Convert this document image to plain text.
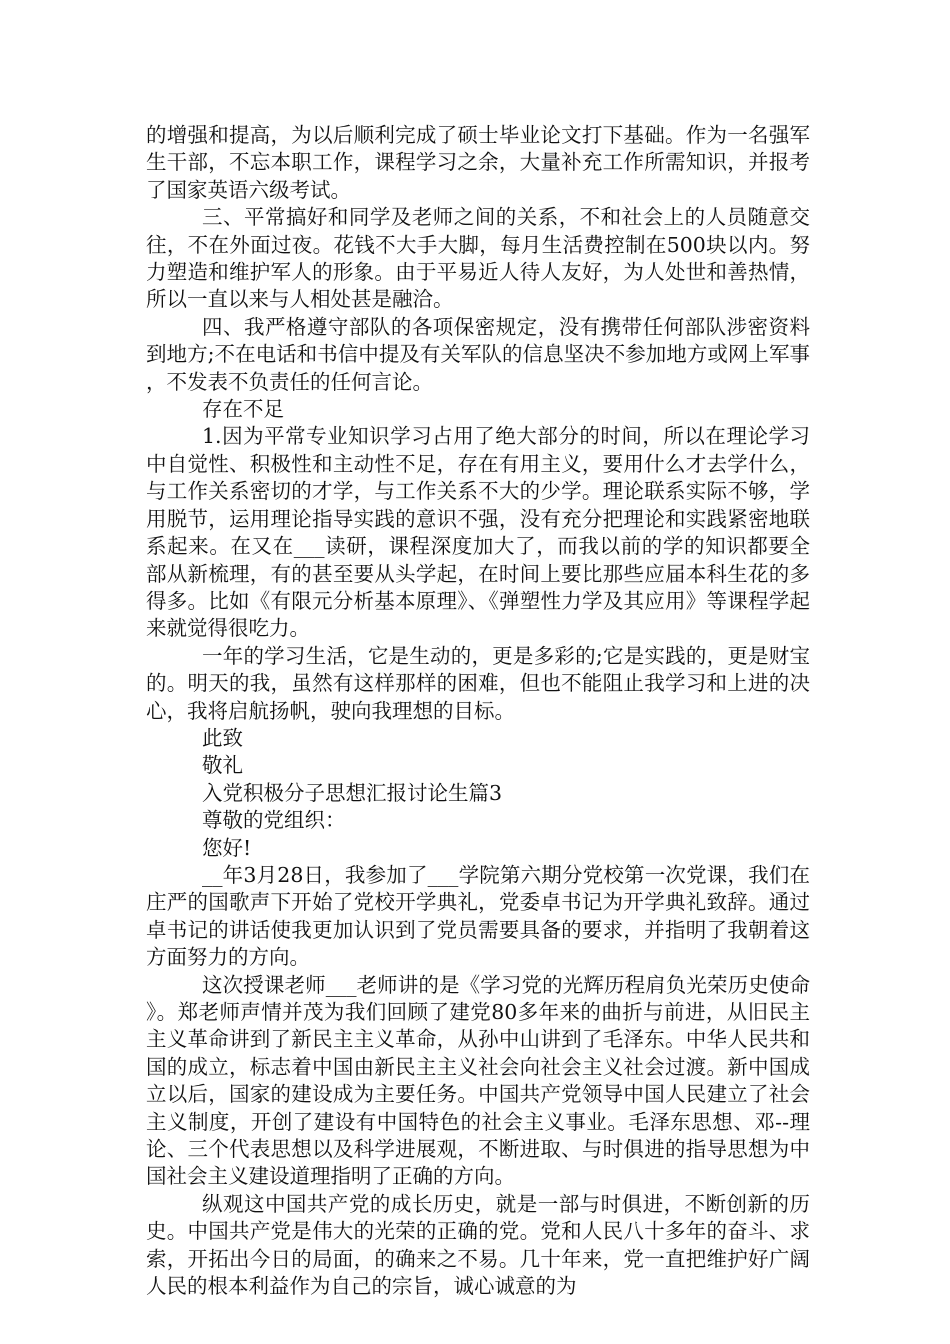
的增强和提高，为以后顺利完成了硕士毕业论文打下基础。作为一名强军生干部，不忘本职工作，课程学习之余，大量补充工作所需知识，并报考了国家英语六级考试。

三、平常搞好和同学及老师之间的关系，不和社会上的人员随意交往，不在外面过夜。花钱不大手大脚，每月生活费控制在500块以内。努力塑造和维护军人的形象。由于平易近人待人友好，为人处世和善热情，所以一直以来与人相处甚是融洽。

四、我严格遵守部队的各项保密规定，没有携带任何部队涉密资料到地方;不在电话和书信中提及有关军队的信息坚决不参加地方或网上军事，不发表不负责任的任何言论。

存在不足

1.因为平常专业知识学习占用了绝大部分的时间，所以在理论学习中自觉性、积极性和主动性不足，存在有用主义，要用什么才去学什么，与工作关系密切的才学，与工作关系不大的少学。理论联系实际不够，学用脱节，运用理论指导实践的意识不强，没有充分把理论和实践紧密地联系起来。在又在___读研，课程深度加大了，而我以前的学的知识都要全部从新梳理，有的甚至要从头学起，在时间上要比那些应届本科生花的多得多。比如《有限元分析基本原理》、《弹塑性力学及其应用》等课程学起来就觉得很吃力。

一年的学习生活，它是生动的，更是多彩的;它是实践的，更是财宝的。明天的我，虽然有这样那样的困难，但也不能阻止我学习和上进的决心，我将启航扬帆，驶向我理想的目标。

此致

敬礼

入党积极分子思想汇报讨论生篇3

尊敬的党组织：

您好!

__年3月28日，我参加了___学院第六期分党校第一次党课，我们在庄严的国歌声下开始了党校开学典礼，党委卓书记为开学典礼致辞。通过卓书记的讲话使我更加认识到了党员需要具备的要求，并指明了我朝着这方面努力的方向。

这次授课老师___老师讲的是《学习党的光辉历程肩负光荣历史使命》。郑老师声情并茂为我们回顾了建党80多年来的曲折与前进，从旧民主主义革命讲到了新民主主义革命，从孙中山讲到了毛泽东。中华人民共和国的成立，标志着中国由新民主主义社会向社会主义社会过渡。新中国成立以后，国家的建设成为主要任务。中国共产党领导中国人民建立了社会主义制度，开创了建设有中国特色的社会主义事业。毛泽东思想、邓--理论、三个代表思想以及科学进展观，不断进取、与时俱进的指导思想为中国社会主义建设道理指明了正确的方向。

纵观这中国共产党的成长历史，就是一部与时俱进，不断创新的历史。中国共产党是伟大的光荣的正确的党。党和人民八十多年的奋斗、求索，开拓出今日的局面，的确来之不易。几十年来，党一直把维护好广阔人民的根本利益作为自己的宗旨，诚心诚意的为
